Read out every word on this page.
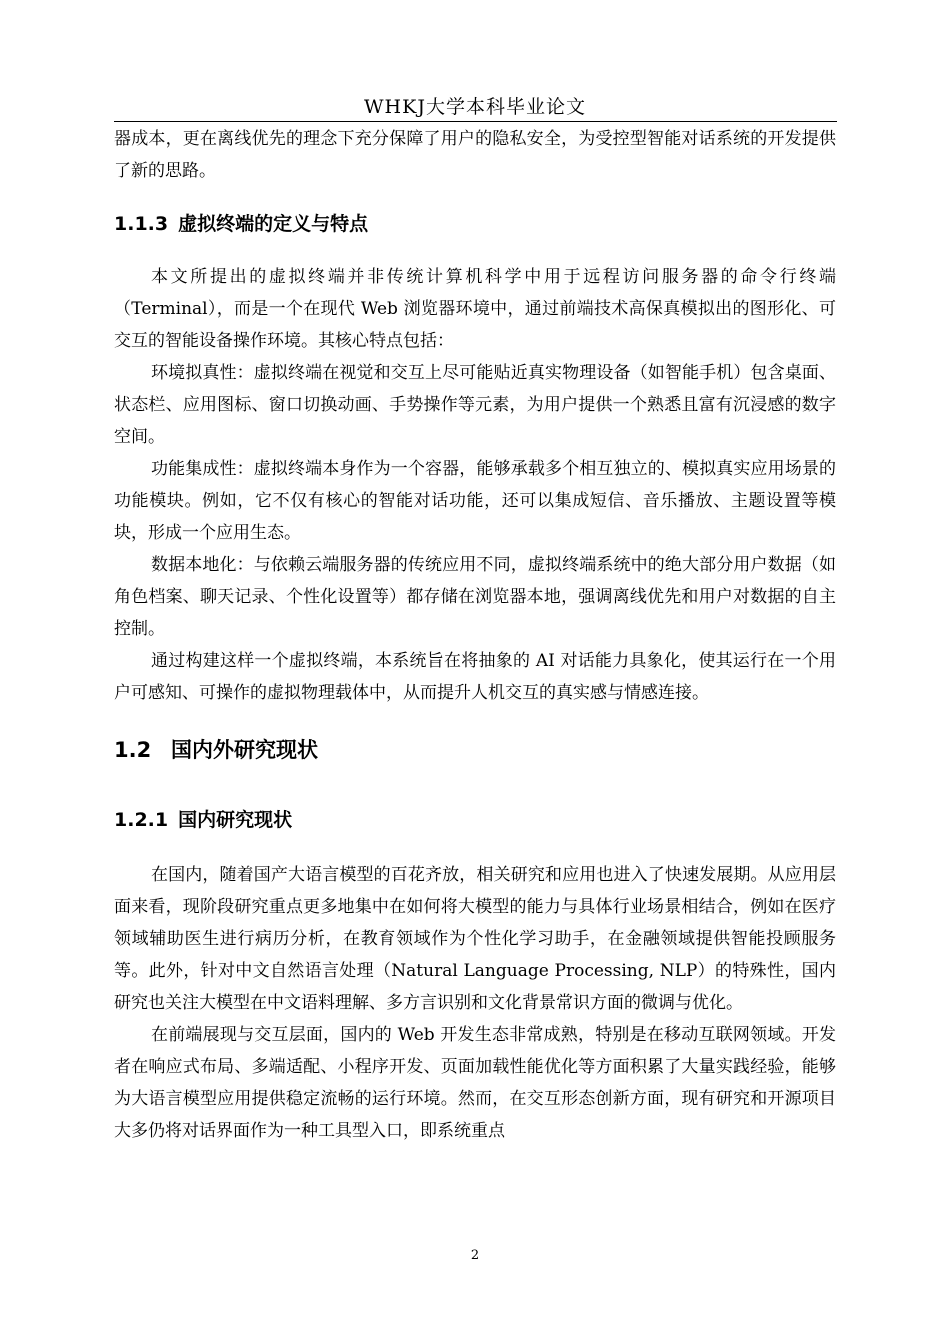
WHKJ大学本科毕业论文

器成本，更在离线优先的理念下充分保障了用户的隐私安全，为受控型智能对话系统的开发提供了新的思路。

1.1.3 虚拟终端的定义与特点

本文所提出的虚拟终端并非传统计算机科学中用于远程访问服务器的命令行终端（Terminal），而是一个在现代 Web 浏览器环境中，通过前端技术高保真模拟出的图形化、可交互的智能设备操作环境。其核心特点包括：

环境拟真性：虚拟终端在视觉和交互上尽可能贴近真实物理设备（如智能手机）包含桌面、状态栏、应用图标、窗口切换动画、手势操作等元素，为用户提供一个熟悉且富有沉浸感的数字空间。

功能集成性：虚拟终端本身作为一个容器，能够承载多个相互独立的、模拟真实应用场景的功能模块。例如，它不仅有核心的智能对话功能，还可以集成短信、音乐播放、主题设置等模块，形成一个应用生态。

数据本地化：与依赖云端服务器的传统应用不同，虚拟终端系统中的绝大部分用户数据（如角色档案、聊天记录、个性化设置等）都存储在浏览器本地，强调离线优先和用户对数据的自主控制。

通过构建这样一个虚拟终端，本系统旨在将抽象的 AI 对话能力具象化，使其运行在一个用户可感知、可操作的虚拟物理载体中，从而提升人机交互的真实感与情感连接。

1.2 国内外研究现状
1.2.1 国内研究现状

在国内，随着国产大语言模型的百花齐放，相关研究和应用也进入了快速发展期。从应用层面来看，现阶段研究重点更多地集中在如何将大模型的能力与具体行业场景相结合，例如在医疗领域辅助医生进行病历分析，在教育领域作为个性化学习助手，在金融领域提供智能投顾服务等。此外，针对中文自然语言处理（Natural Language Processing, NLP）的特殊性，国内研究也关注大模型在中文语料理解、多方言识别和文化背景常识方面的微调与优化。

在前端展现与交互层面，国内的 Web 开发生态非常成熟，特别是在移动互联网领域。开发者在响应式布局、多端适配、小程序开发、页面加载性能优化等方面积累了大量实践经验，能够为大语言模型应用提供稳定流畅的运行环境。然而，在交互形态创新方面，现有研究和开源项目大多仍将对话界面作为一种工具型入口，即系统重点

2
